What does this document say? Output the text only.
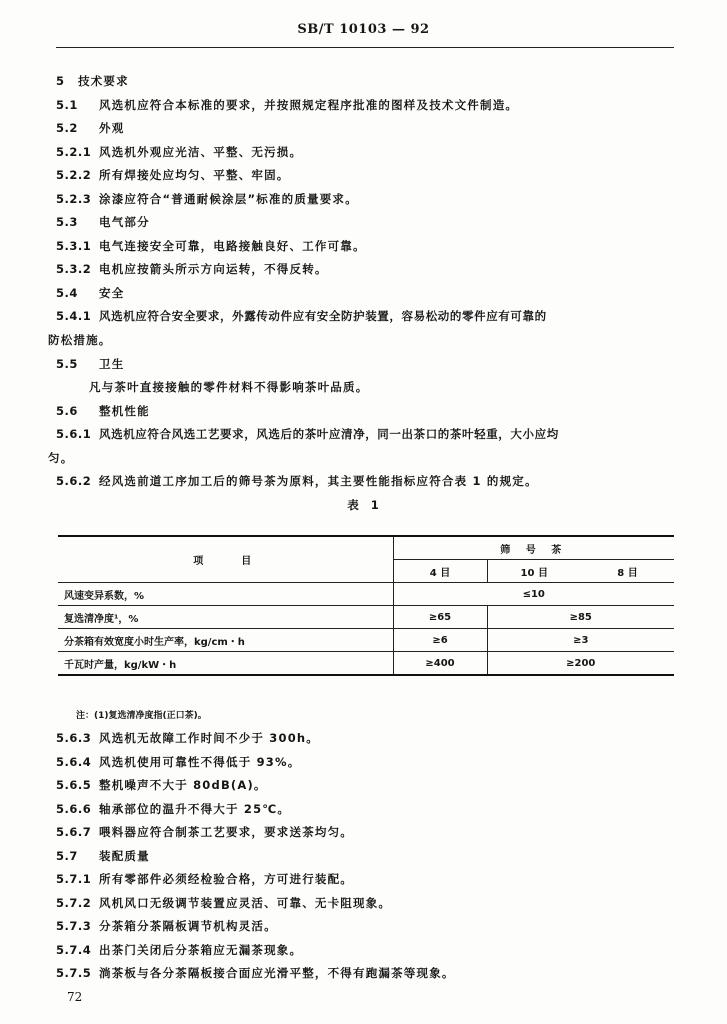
SB/T 10103 — 92
5	技术要求
5.1	风选机应符合本标准的要求，并按照规定程序批准的图样及技术文件制造。
5.2	外观
5.2.1 风选机外观应光洁、平整、无污损。
5.2.2 所有焊接处应均匀、平整、牢固。
5.2.3 涂漆应符合“普通耐候涂层”标准的质量要求。
5.3	电气部分
5.3.1 电气连接安全可靠，电路接触良好、工作可靠。
5.3.2 电机应按箭头所示方向运转，不得反转。
5.4	安全
5.4.1 风选机应符合安全要求，外露传动件应有安全防护装置，容易松动的零件应有可靠的
防松措施。
5.5	卫生
凡与茶叶直接接触的零件材料不得影响茶叶品质。
5.6	整机性能
5.6.1 风选机应符合风选工艺要求，风选后的茶叶应清净，同一出茶口的茶叶轻重，大小应均
匀。
5.6.2 经风选前道工序加工后的筛号茶为原料，其主要性能指标应符合表 1 的规定。
表 1
项　　目	筛 号 茶		
	4 目	10 目	8 目
风速变异系数，%	≤10		
复选清净度¹，%	≥65	≥85	
分茶箱有效宽度小时生产率，kg/cm・h	≥6	≥3	
千瓦时产量，kg/kW・h	≥400	≥200	
注：(1)复选清净度指(正口茶)。
5.6.3 风选机无故障工作时间不少于 300h。
5.6.4 风选机使用可靠性不得低于 93%。
5.6.5 整机噪声不大于 80dB(A)。
5.6.6 轴承部位的温升不得大于 25℃。
5.6.7 喂料器应符合制茶工艺要求，要求送茶均匀。
5.7	装配质量
5.7.1 所有零部件必须经检验合格，方可进行装配。
5.7.2 风机风口无级调节装置应灵活、可靠、无卡阻现象。
5.7.3 分茶箱分茶隔板调节机构灵活。
5.7.4 出茶门关闭后分茶箱应无漏茶现象。
5.7.5 淌茶板与各分茶隔板接合面应光滑平整，不得有跑漏茶等现象。
72
